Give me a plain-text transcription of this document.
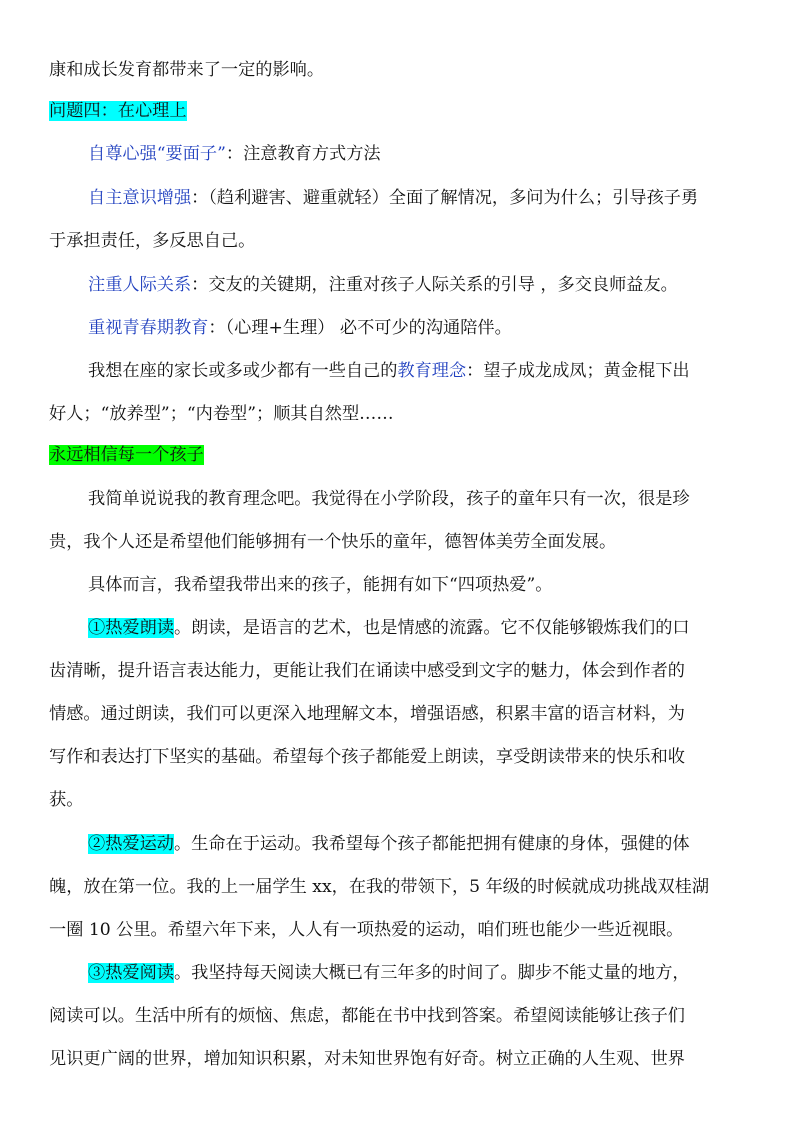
康和成长发育都带来了一定的影响。
问题四：在心理上
自尊心强“要面子”：注意教育方式方法
自主意识增强：（趋利避害、避重就轻）全面了解情况，多问为什么；引导孩子勇
于承担责任，多反思自己。
注重人际关系：交友的关键期，注重对孩子人际关系的引导 ，多交良师益友。
重视青春期教育：（心理+生理） 必不可少的沟通陪伴。
我想在座的家长或多或少都有一些自己的教育理念：望子成龙成凤；黄金棍下出
好人；“放养型”；“内卷型”；顺其自然型……
永远相信每一个孩子
我简单说说我的教育理念吧。我觉得在小学阶段，孩子的童年只有一次，很是珍
贵，我个人还是希望他们能够拥有一个快乐的童年，德智体美劳全面发展。
具体而言，我希望我带出来的孩子，能拥有如下“四项热爱”。
①热爱朗读。朗读，是语言的艺术，也是情感的流露。它不仅能够锻炼我们的口
齿清晰，提升语言表达能力，更能让我们在诵读中感受到文字的魅力，体会到作者的
情感。通过朗读，我们可以更深入地理解文本，增强语感，积累丰富的语言材料，为
写作和表达打下坚实的基础。希望每个孩子都能爱上朗读，享受朗读带来的快乐和收
获。
②热爱运动。生命在于运动。我希望每个孩子都能把拥有健康的身体，强健的体
魄，放在第一位。我的上一届学生 xx，在我的带领下，5 年级的时候就成功挑战双桂湖
一圈 10 公里。希望六年下来，人人有一项热爱的运动，咱们班也能少一些近视眼。
③热爱阅读。我坚持每天阅读大概已有三年多的时间了。脚步不能丈量的地方，
阅读可以。生活中所有的烦恼、焦虑，都能在书中找到答案。希望阅读能够让孩子们
见识更广阔的世界，增加知识积累，对未知世界饱有好奇。树立正确的人生观、世界
